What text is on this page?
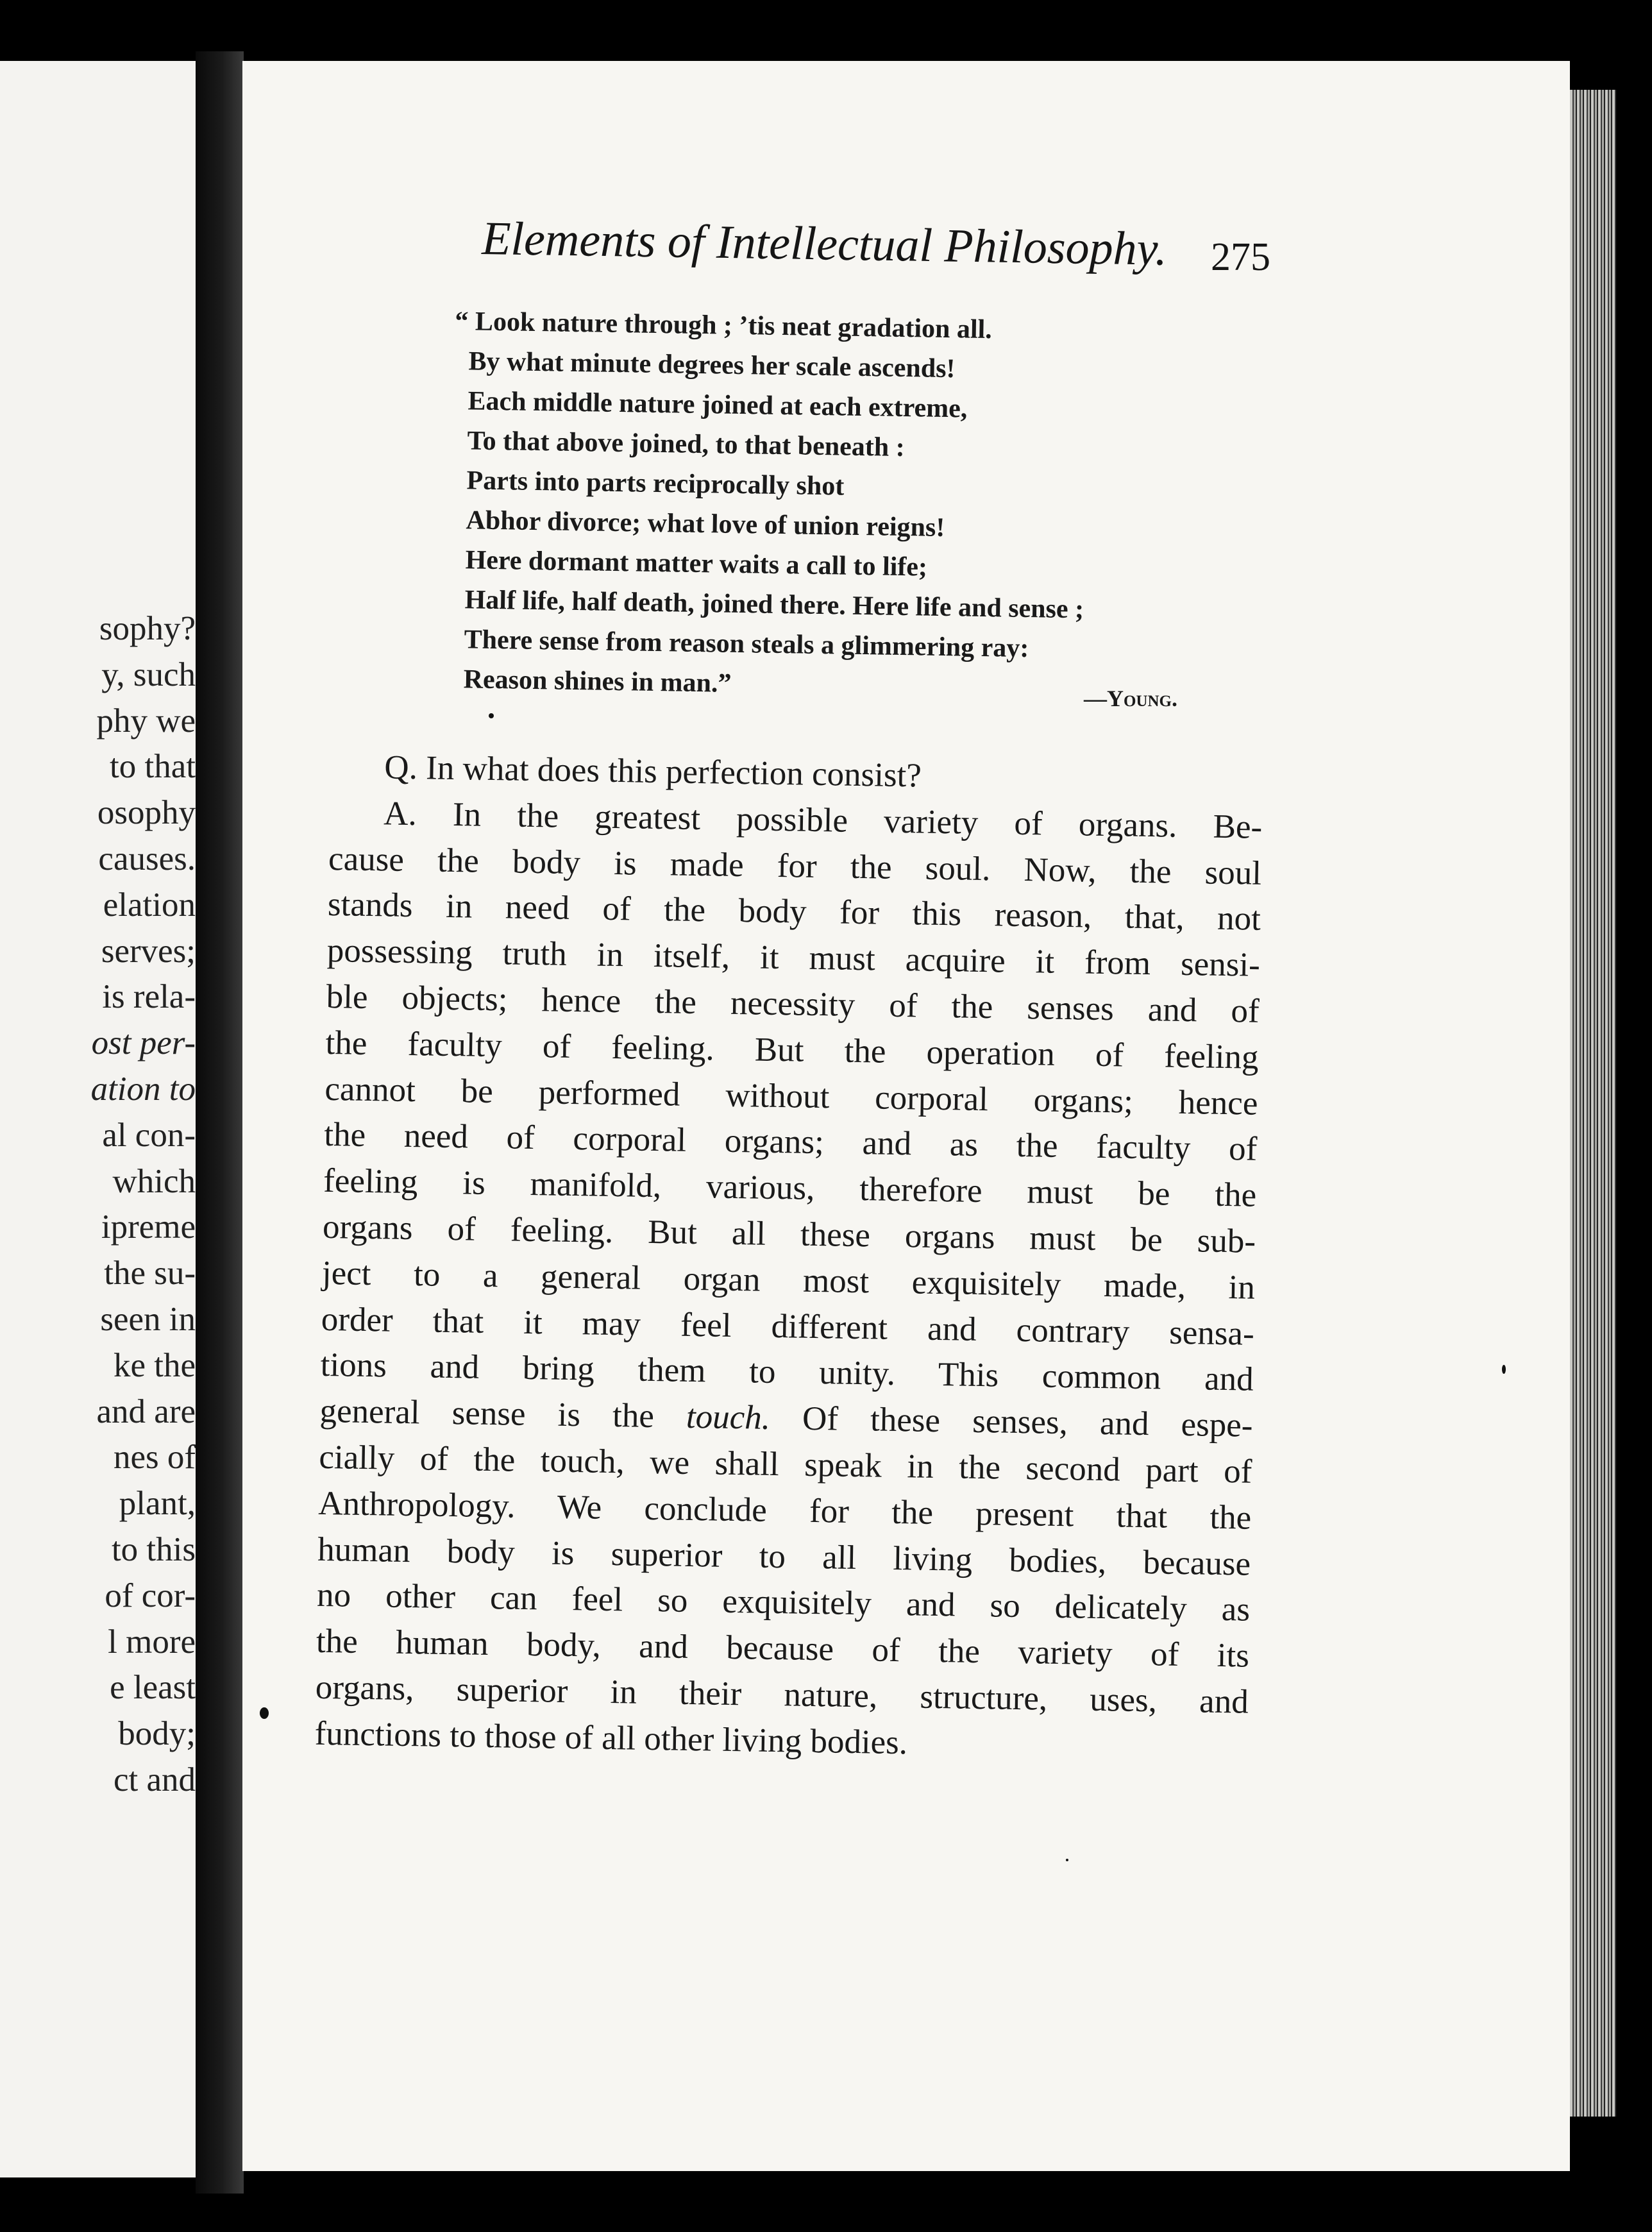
sophy?
y, such
phy we
to that
osophy
causes.
elation
serves;
is rela-
ost per-
ation to
al con-
which
ipreme
the su-
seen in
ke the
and are
nes of
plant,
to this
of cor-
l more
e least
body;
ct and
Elements of Intellectual Philosophy. 275
“ Look nature through ; ’tis neat gradation all.
By what minute degrees her scale ascends!
Each middle nature joined at each extreme,
To that above joined, to that beneath :
Parts into parts reciprocally shot
Abhor divorce; what love of union reigns!
Here dormant matter waits a call to life;
Half life, half death, joined there. Here life and sense ;
There sense from reason steals a glimmering ray:
Reason shines in man.”
—Young.
Q. In what does this perfection consist?
A. In the greatest possible variety of organs. Be-
cause the body is made for the soul. Now, the soul
stands in need of the body for this reason, that, not
possessing truth in itself, it must acquire it from sensi-
ble objects; hence the necessity of the senses and of
the faculty of feeling. But the operation of feeling
cannot be performed without corporal organs; hence
the need of corporal organs; and as the faculty of
feeling is manifold, various, therefore must be the
organs of feeling. But all these organs must be sub-
ject to a general organ most exquisitely made, in
order that it may feel different and contrary sensa-
tions and bring them to unity. This common and
general sense is the touch. Of these senses, and espe-
cially of the touch, we shall speak in the second part of
Anthropology. We conclude for the present that the
human body is superior to all living bodies, because
no other can feel so exquisitely and so delicately as
the human body, and because of the variety of its
organs, superior in their nature, structure, uses, and
functions to those of all other living bodies.
